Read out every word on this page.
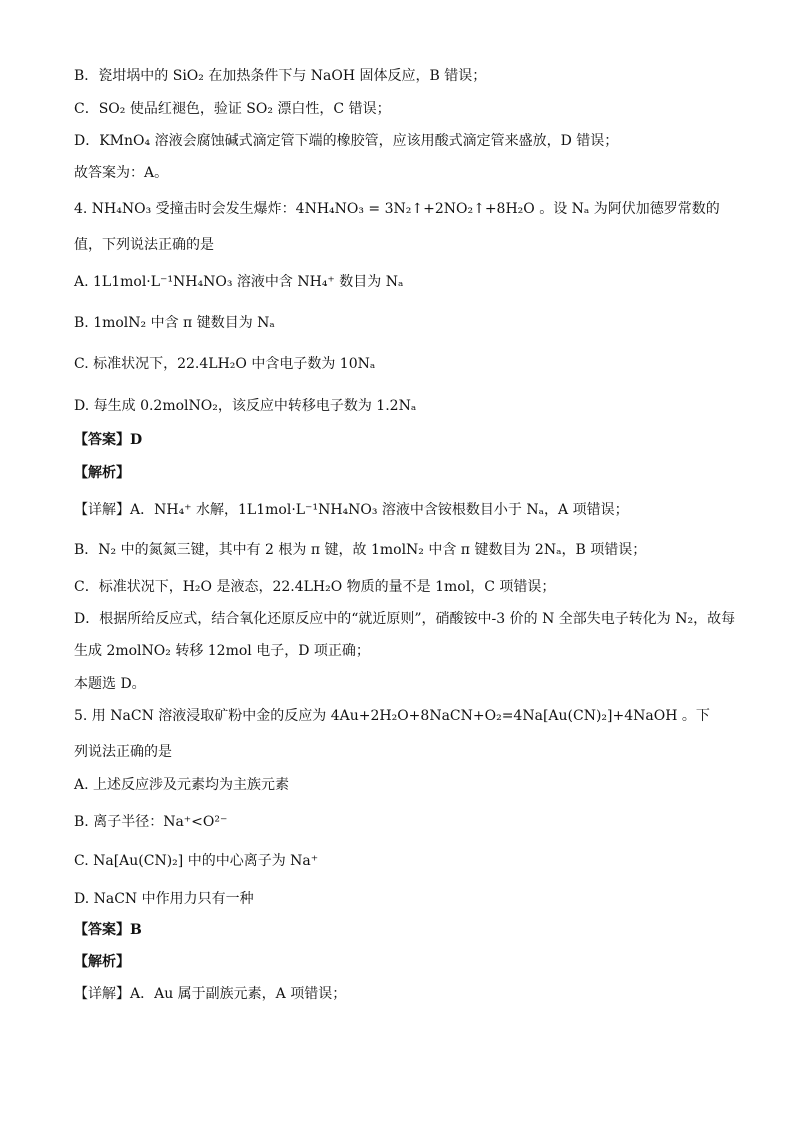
B．瓷坩埚中的 SiO₂ 在加热条件下与 NaOH 固体反应，B 错误；
C．SO₂ 使品红褪色，验证 SO₂ 漂白性，C 错误；
D．KMnO₄ 溶液会腐蚀碱式滴定管下端的橡胶管，应该用酸式滴定管来盛放，D 错误；
故答案为：A。
4. NH₄NO₃ 受撞击时会发生爆炸：4NH₄NO₃ = 3N₂↑+2NO₂↑+8H₂O 。设 Nₐ 为阿伏加德罗常数的
值，下列说法正确的是
A. 1L1mol·L⁻¹NH₄NO₃ 溶液中含 NH₄⁺ 数目为 Nₐ
B. 1molN₂ 中含 π 键数目为 Nₐ
C. 标准状况下，22.4LH₂O 中含电子数为 10Nₐ
D. 每生成 0.2molNO₂，该反应中转移电子数为 1.2Nₐ
【答案】D
【解析】
【详解】A．NH₄⁺ 水解，1L1mol·L⁻¹NH₄NO₃ 溶液中含铵根数目小于 Nₐ，A 项错误；
B．N₂ 中的氮氮三键，其中有 2 根为 π 键，故 1molN₂ 中含 π 键数目为 2Nₐ，B 项错误；
C．标准状况下，H₂O 是液态，22.4LH₂O 物质的量不是 1mol，C 项错误；
D．根据所给反应式，结合氧化还原反应中的“就近原则”，硝酸铵中-3 价的 N 全部失电子转化为 N₂，故每
生成 2molNO₂ 转移 12mol 电子，D 项正确；
本题选 D。
5. 用 NaCN 溶液浸取矿粉中金的反应为 4Au+2H₂O+8NaCN+O₂=4Na[Au(CN)₂]+4NaOH 。下
列说法正确的是
A. 上述反应涉及元素均为主族元素
B. 离子半径：Na⁺<O²⁻
C. Na[Au(CN)₂] 中的中心离子为 Na⁺
D. NaCN 中作用力只有一种
【答案】B
【解析】
【详解】A．Au 属于副族元素，A 项错误；
